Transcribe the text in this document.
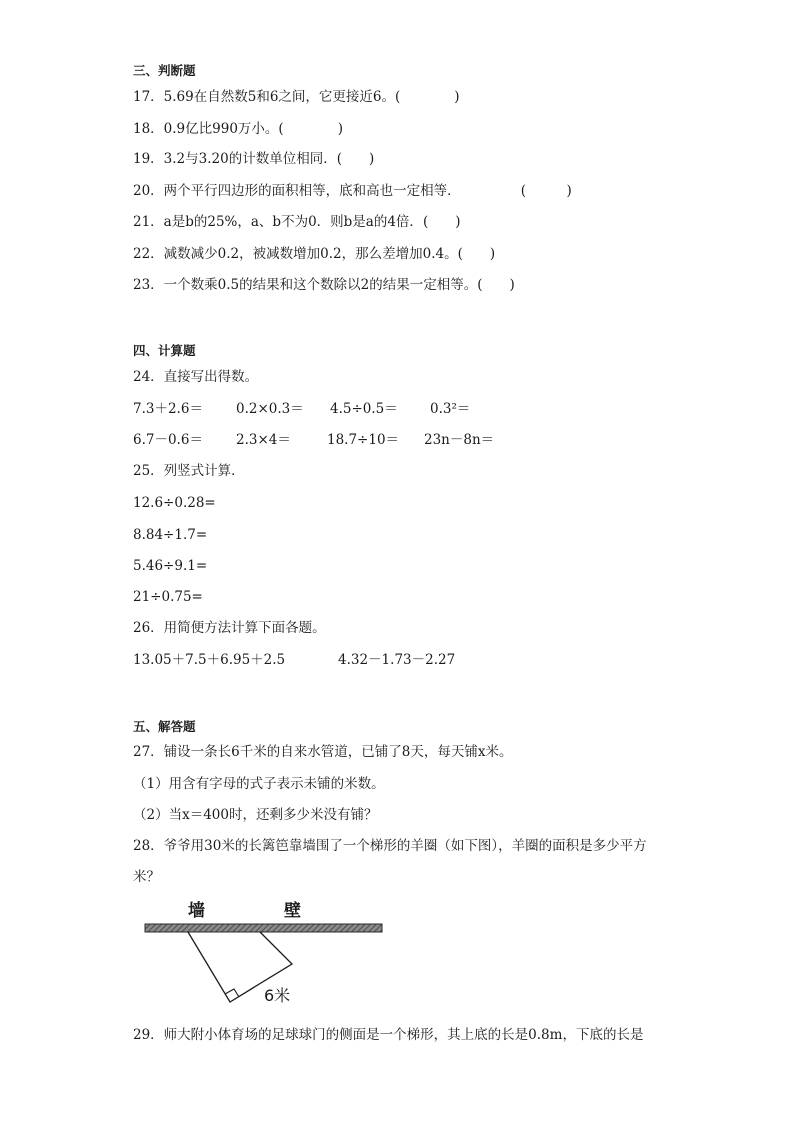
三、判断题
17．5.69在自然数5和6之间，它更接近6。(　　　　)
18．0.9亿比990万小。(　　　　)
19．3.2与3.20的计数单位相同．(　　)
20．两个平行四边形的面积相等，底和高也一定相等．	(　　　)
21．a是b的25%，a、b不为0．则b是a的4倍．(　　)
22．减数减少0.2，被减数增加0.2，那么差增加0.4。(　　)
23．一个数乘0.5的结果和这个数除以2的结果一定相等。(　　)
四、计算题
24．直接写出得数。
7.3＋2.6＝ 0.2×0.3＝ 4.5÷0.5＝ 0.3²＝
6.7－0.6＝ 2.3×4＝	18.7÷10＝ 23n－8n＝
25．列竖式计算．
12.6÷0.28=
8.84÷1.7=
5.46÷9.1=
21÷0.75=
26．用简便方法计算下面各题。
13.05＋7.5＋6.95＋2.5	4.32－1.73－2.27
五、解答题
27．铺设一条长6千米的自来水管道，已铺了8天，每天铺x米。
（1）用含有字母的式子表示未铺的米数。
（2）当x＝400时，还剩多少米没有铺？
28．爷爷用30米的长篱笆靠墙围了一个梯形的羊圈（如下图），羊圈的面积是多少平方
米？
墙	壁
6米
29．师大附小体育场的足球球门的侧面是一个梯形，其上底的长是0.8m，下底的长是
